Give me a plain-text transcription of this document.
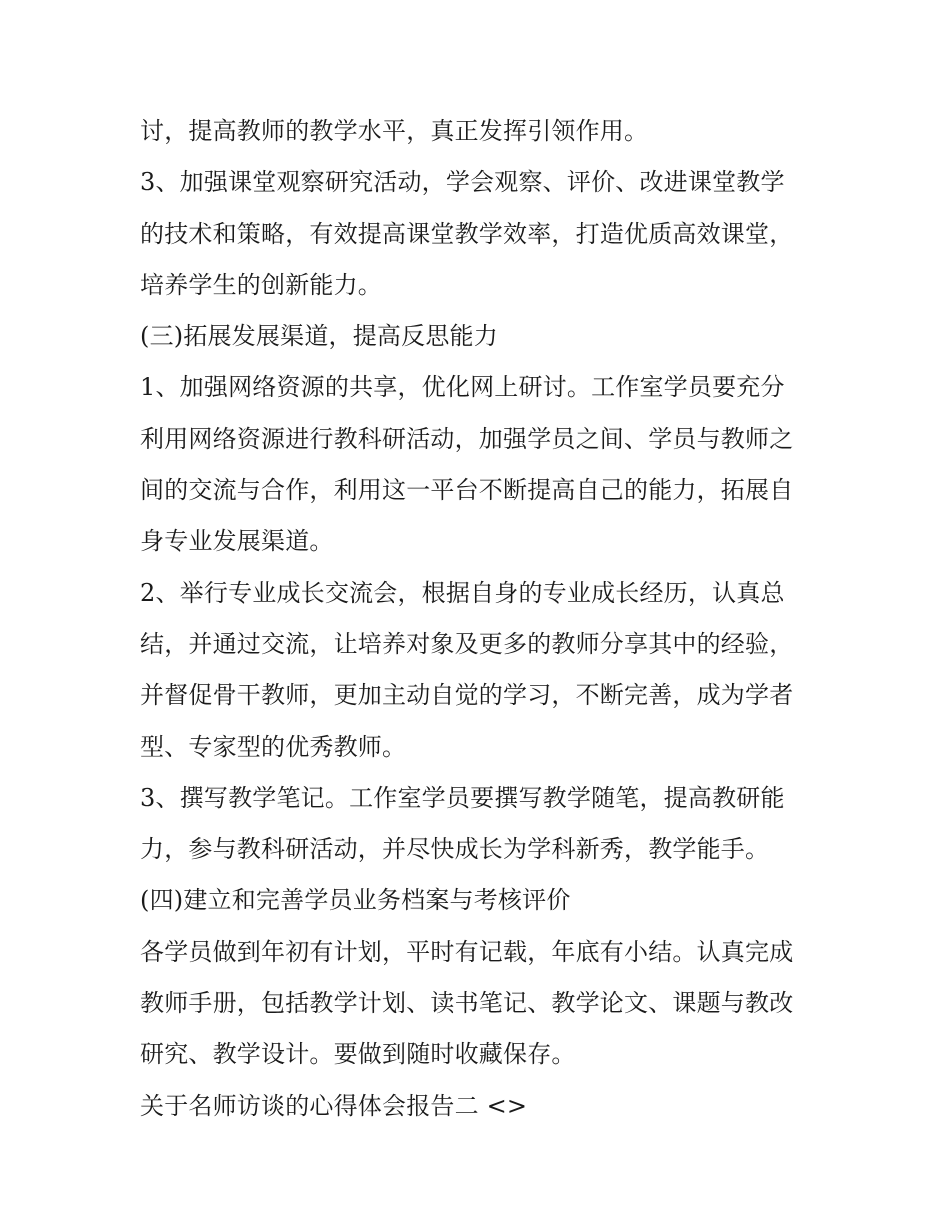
讨，提高教师的教学水平，真正发挥引领作用。
3、加强课堂观察研究活动，学会观察、评价、改进课堂教学
的技术和策略，有效提高课堂教学效率，打造优质高效课堂，
培养学生的创新能力。
(三)拓展发展渠道，提高反思能力
1、加强网络资源的共享，优化网上研讨。工作室学员要充分
利用网络资源进行教科研活动，加强学员之间、学员与教师之
间的交流与合作，利用这一平台不断提高自己的能力，拓展自
身专业发展渠道。
2、举行专业成长交流会，根据自身的专业成长经历，认真总
结，并通过交流，让培养对象及更多的教师分享其中的经验，
并督促骨干教师，更加主动自觉的学习，不断完善，成为学者
型、专家型的优秀教师。
3、撰写教学笔记。工作室学员要撰写教学随笔，提高教研能
力，参与教科研活动，并尽快成长为学科新秀，教学能手。
(四)建立和完善学员业务档案与考核评价
各学员做到年初有计划，平时有记载，年底有小结。认真完成
教师手册，包括教学计划、读书笔记、教学论文、课题与教改
研究、教学设计。要做到随时收藏保存。
关于名师访谈的心得体会报告二 <>
